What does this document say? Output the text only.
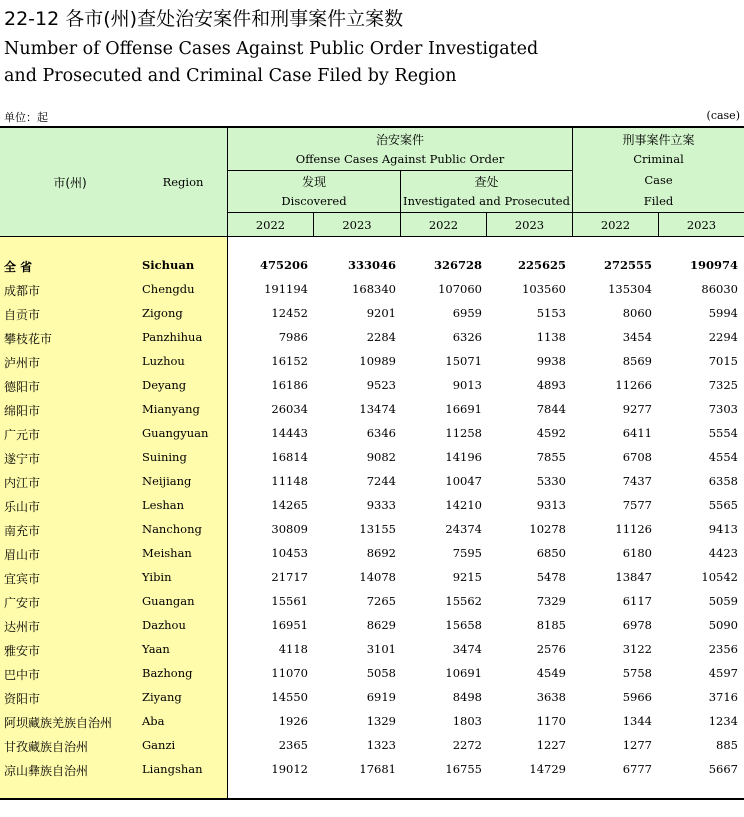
22-12 各市(州)查处治安案件和刑事案件立案数
Number of Offense Cases Against Public Order Investigated
and Prosecuted and Criminal Case Filed by Region
单位：起	(case)
市(州)	Region
治安案件
Offense Cases Against Public Order
发现
Discovered
查处
Investigated and Prosecuted
刑事案件立案
Criminal
Case
Filed
2022	2023	2022	2023	2022	2023
全 省	Sichuan	475206	333046	326728	225625	272555	190974
成都市	Chengdu	191194	168340	107060	103560	135304	86030
自贡市	Zigong	12452	9201	6959	5153	8060	5994
攀枝花市	Panzhihua	7986	2284	6326	1138	3454	2294
泸州市	Luzhou	16152	10989	15071	9938	8569	7015
德阳市	Deyang	16186	9523	9013	4893	11266	7325
绵阳市	Mianyang	26034	13474	16691	7844	9277	7303
广元市	Guangyuan	14443	6346	11258	4592	6411	5554
遂宁市	Suining	16814	9082	14196	7855	6708	4554
内江市	Neijiang	11148	7244	10047	5330	7437	6358
乐山市	Leshan	14265	9333	14210	9313	7577	5565
南充市	Nanchong	30809	13155	24374	10278	11126	9413
眉山市	Meishan	10453	8692	7595	6850	6180	4423
宜宾市	Yibin	21717	14078	9215	5478	13847	10542
广安市	Guangan	15561	7265	15562	7329	6117	5059
达州市	Dazhou	16951	8629	15658	8185	6978	5090
雅安市	Yaan	4118	3101	3474	2576	3122	2356
巴中市	Bazhong	11070	5058	10691	4549	5758	4597
资阳市	Ziyang	14550	6919	8498	3638	5966	3716
阿坝藏族羌族自治州	Aba	1926	1329	1803	1170	1344	1234
甘孜藏族自治州	Ganzi	2365	1323	2272	1227	1277	885
凉山彝族自治州	Liangshan	19012	17681	16755	14729	6777	5667
